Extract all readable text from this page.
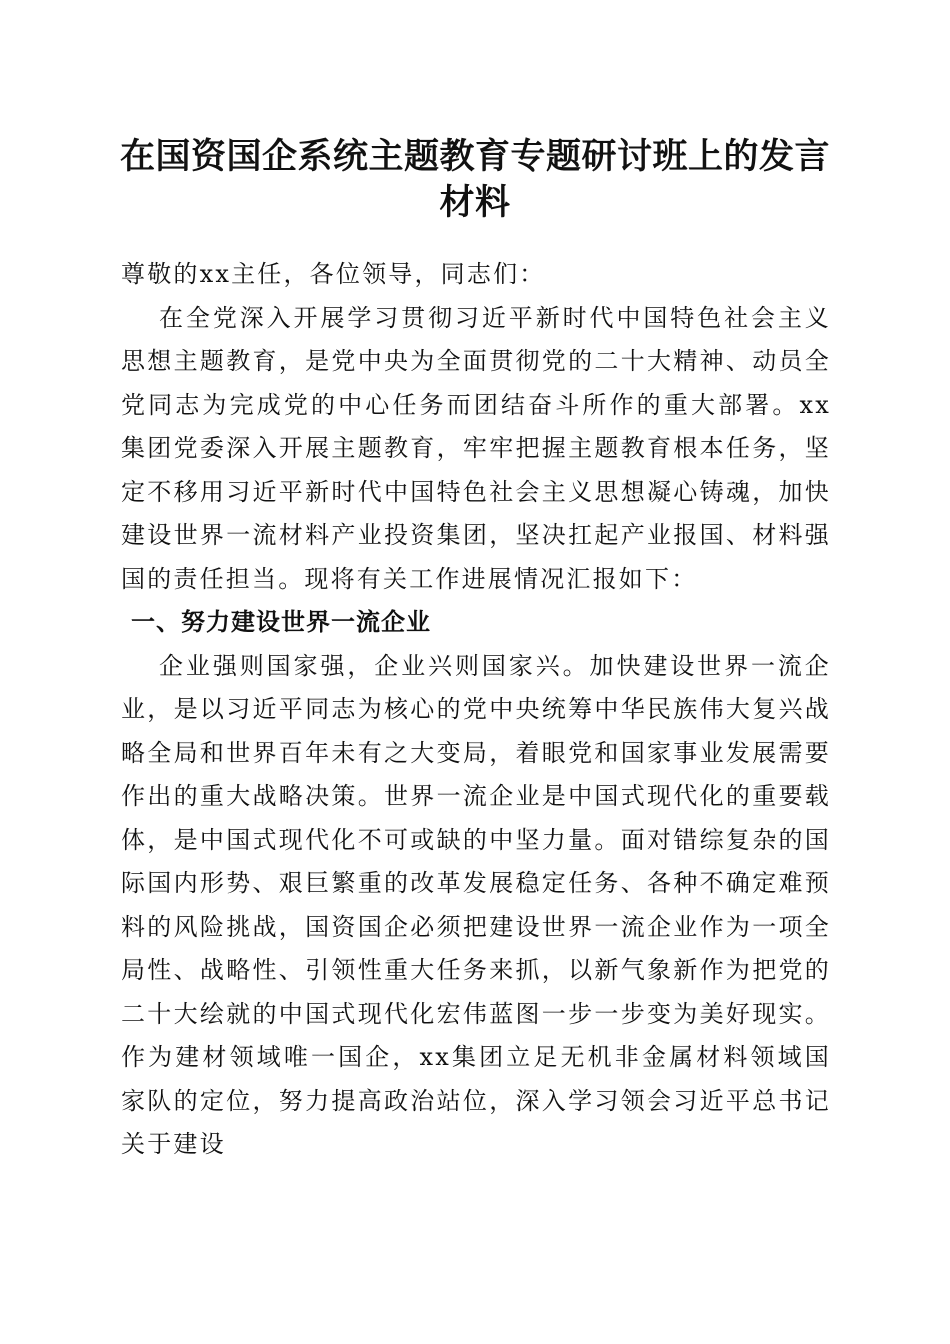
在国资国企系统主题教育专题研讨班上的发言
材料

尊敬的xx主任，各位领导，同志们：

在全党深入开展学习贯彻习近平新时代中国特色社会主义思想主题教育，是党中央为全面贯彻党的二十大精神、动员全党同志为完成党的中心任务而团结奋斗所作的重大部署。xx集团党委深入开展主题教育，牢牢把握主题教育根本任务，坚定不移用习近平新时代中国特色社会主义思想凝心铸魂，加快建设世界一流材料产业投资集团，坚决扛起产业报国、材料强国的责任担当。现将有关工作进展情况汇报如下：

一、努力建设世界一流企业

企业强则国家强，企业兴则国家兴。加快建设世界一流企业，是以习近平同志为核心的党中央统筹中华民族伟大复兴战略全局和世界百年未有之大变局，着眼党和国家事业发展需要作出的重大战略决策。世界一流企业是中国式现代化的重要载体，是中国式现代化不可或缺的中坚力量。面对错综复杂的国际国内形势、艰巨繁重的改革发展稳定任务、各种不确定难预料的风险挑战，国资国企必须把建设世界一流企业作为一项全局性、战略性、引领性重大任务来抓，以新气象新作为把党的二十大绘就的中国式现代化宏伟蓝图一步一步变为美好现实。作为建材领域唯一国企，xx集团立足无机非金属材料领域国家队的定位，努力提高政治站位，深入学习领会习近平总书记关于建设
